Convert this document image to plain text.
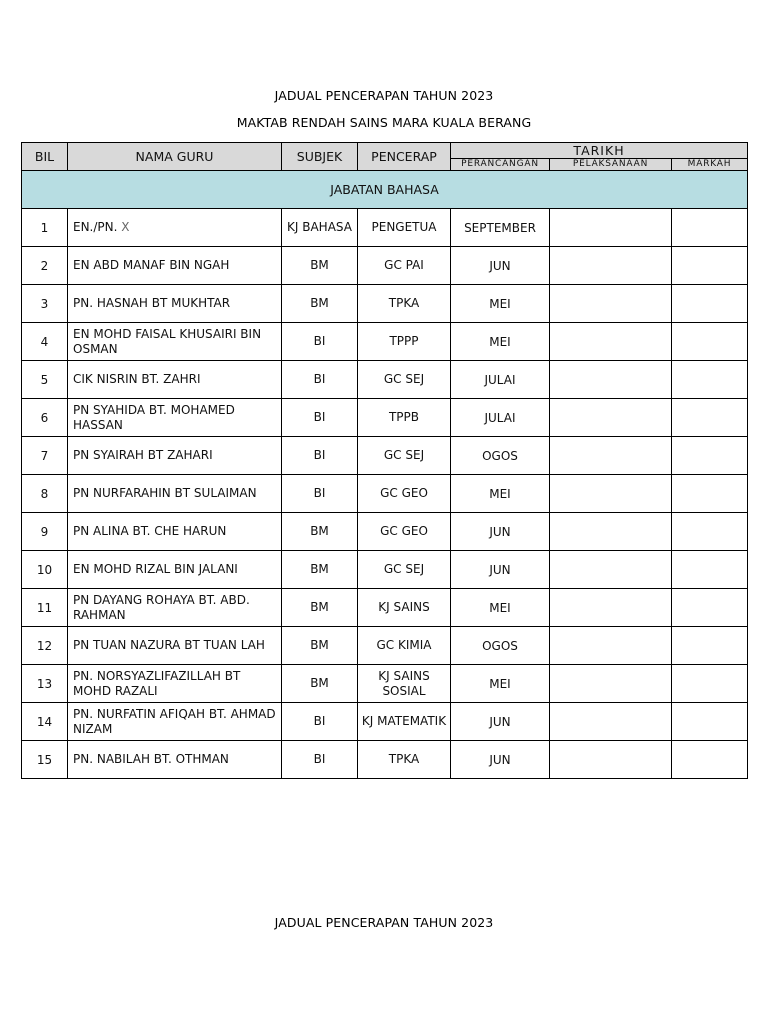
JADUAL PENCERAPAN TAHUN 2023
MAKTAB RENDAH SAINS MARA KUALA BERANG
BIL	NAMA GURU	SUBJEK	PENCERAP	TARIKH		
				PERANCANGAN	PELAKSANAAN	MARKAH
JABATAN BAHASA						
1	EN./PN. X	KJ BAHASA	PENGETUA	SEPTEMBER		
2	EN ABD MANAF BIN NGAH	BM	GC PAI	JUN		
3	PN. HASNAH BT MUKHTAR	BM	TPKA	MEI		
4	EN MOHD FAISAL KHUSAIRI BIN OSMAN	BI	TPPP	MEI		
5	CIK NISRIN BT. ZAHRI	BI	GC SEJ	JULAI		
6	PN SYAHIDA BT. MOHAMED HASSAN	BI	TPPB	JULAI		
7	PN SYAIRAH BT ZAHARI	BI	GC SEJ	OGOS		
8	PN NURFARAHIN BT SULAIMAN	BI	GC GEO	MEI		
9	PN ALINA BT. CHE HARUN	BM	GC GEO	JUN		
10	EN MOHD RIZAL BIN JALANI	BM	GC SEJ	JUN		
11	PN DAYANG ROHAYA BT. ABD. RAHMAN	BM	KJ SAINS	MEI		
12	PN TUAN NAZURA BT TUAN LAH	BM	GC KIMIA	OGOS		
13	PN. NORSYAZLIFAZILLAH BT MOHD RAZALI	BM	KJ SAINS SOSIAL	MEI		
14	PN. NURFATIN AFIQAH BT. AHMAD NIZAM	BI	KJ MATEMATIK	JUN		
15	PN. NABILAH BT. OTHMAN	BI	TPKA	JUN		
JADUAL PENCERAPAN TAHUN 2023
